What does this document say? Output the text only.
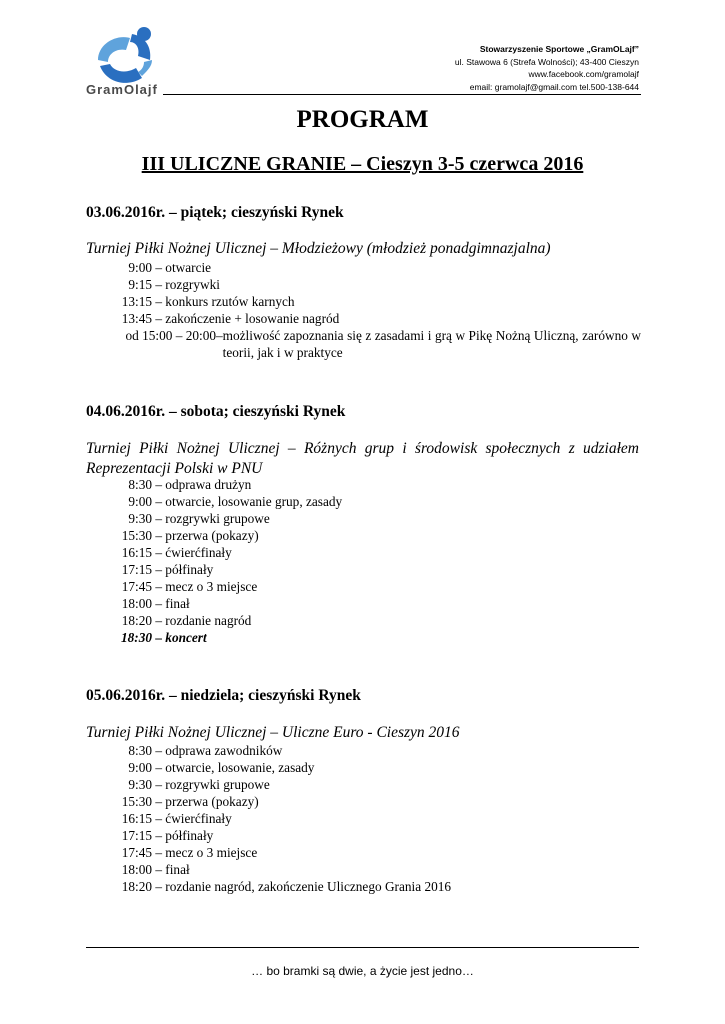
GramOlajf
Stowarzyszenie Sportowe „GramOLajf”
ul. Stawowa 6 (Strefa Wolności); 43-400 Cieszyn
www.facebook.com/gramolajf
email: gramolajf@gmail.com tel.500-138-644
PROGRAM
III ULICZNE GRANIE – Cieszyn 3-5 czerwca 2016
03.06.2016r. – piątek; cieszyński Rynek
Turniej Piłki Nożnej Ulicznej – Młodzieżowy (młodzież ponadgimnazjalna)
9:00 – otwarcie
9:15 – rozgrywki
13:15 – konkurs rzutów karnych
13:45 – zakończenie + losowanie nagród
od 15:00 – 20:00 – możliwość zapoznania się z zasadami i grą w Pikę Nożną Uliczną, zarówno w teorii, jak i w praktyce
04.06.2016r. – sobota; cieszyński Rynek
Turniej Piłki Nożnej Ulicznej – Różnych grup i środowisk społecznych z udziałem Reprezentacji Polski w PNU
8:30 – odprawa drużyn
9:00 – otwarcie, losowanie grup, zasady
9:30 – rozgrywki grupowe
15:30 – przerwa (pokazy)
16:15 – ćwierćfinały
17:15 – półfinały
17:45 – mecz o 3 miejsce
18:00 – finał
18:20 – rozdanie nagród
18:30 – koncert
05.06.2016r. – niedziela; cieszyński Rynek
Turniej Piłki Nożnej Ulicznej – Uliczne Euro - Cieszyn 2016
8:30 – odprawa zawodników
9:00 – otwarcie, losowanie, zasady
9:30 – rozgrywki grupowe
15:30 – przerwa (pokazy)
16:15 – ćwierćfinały
17:15 – półfinały
17:45 – mecz o 3 miejsce
18:00 – finał
18:20 – rozdanie nagród, zakończenie Ulicznego Grania 2016
… bo bramki są dwie, a życie jest jedno…
